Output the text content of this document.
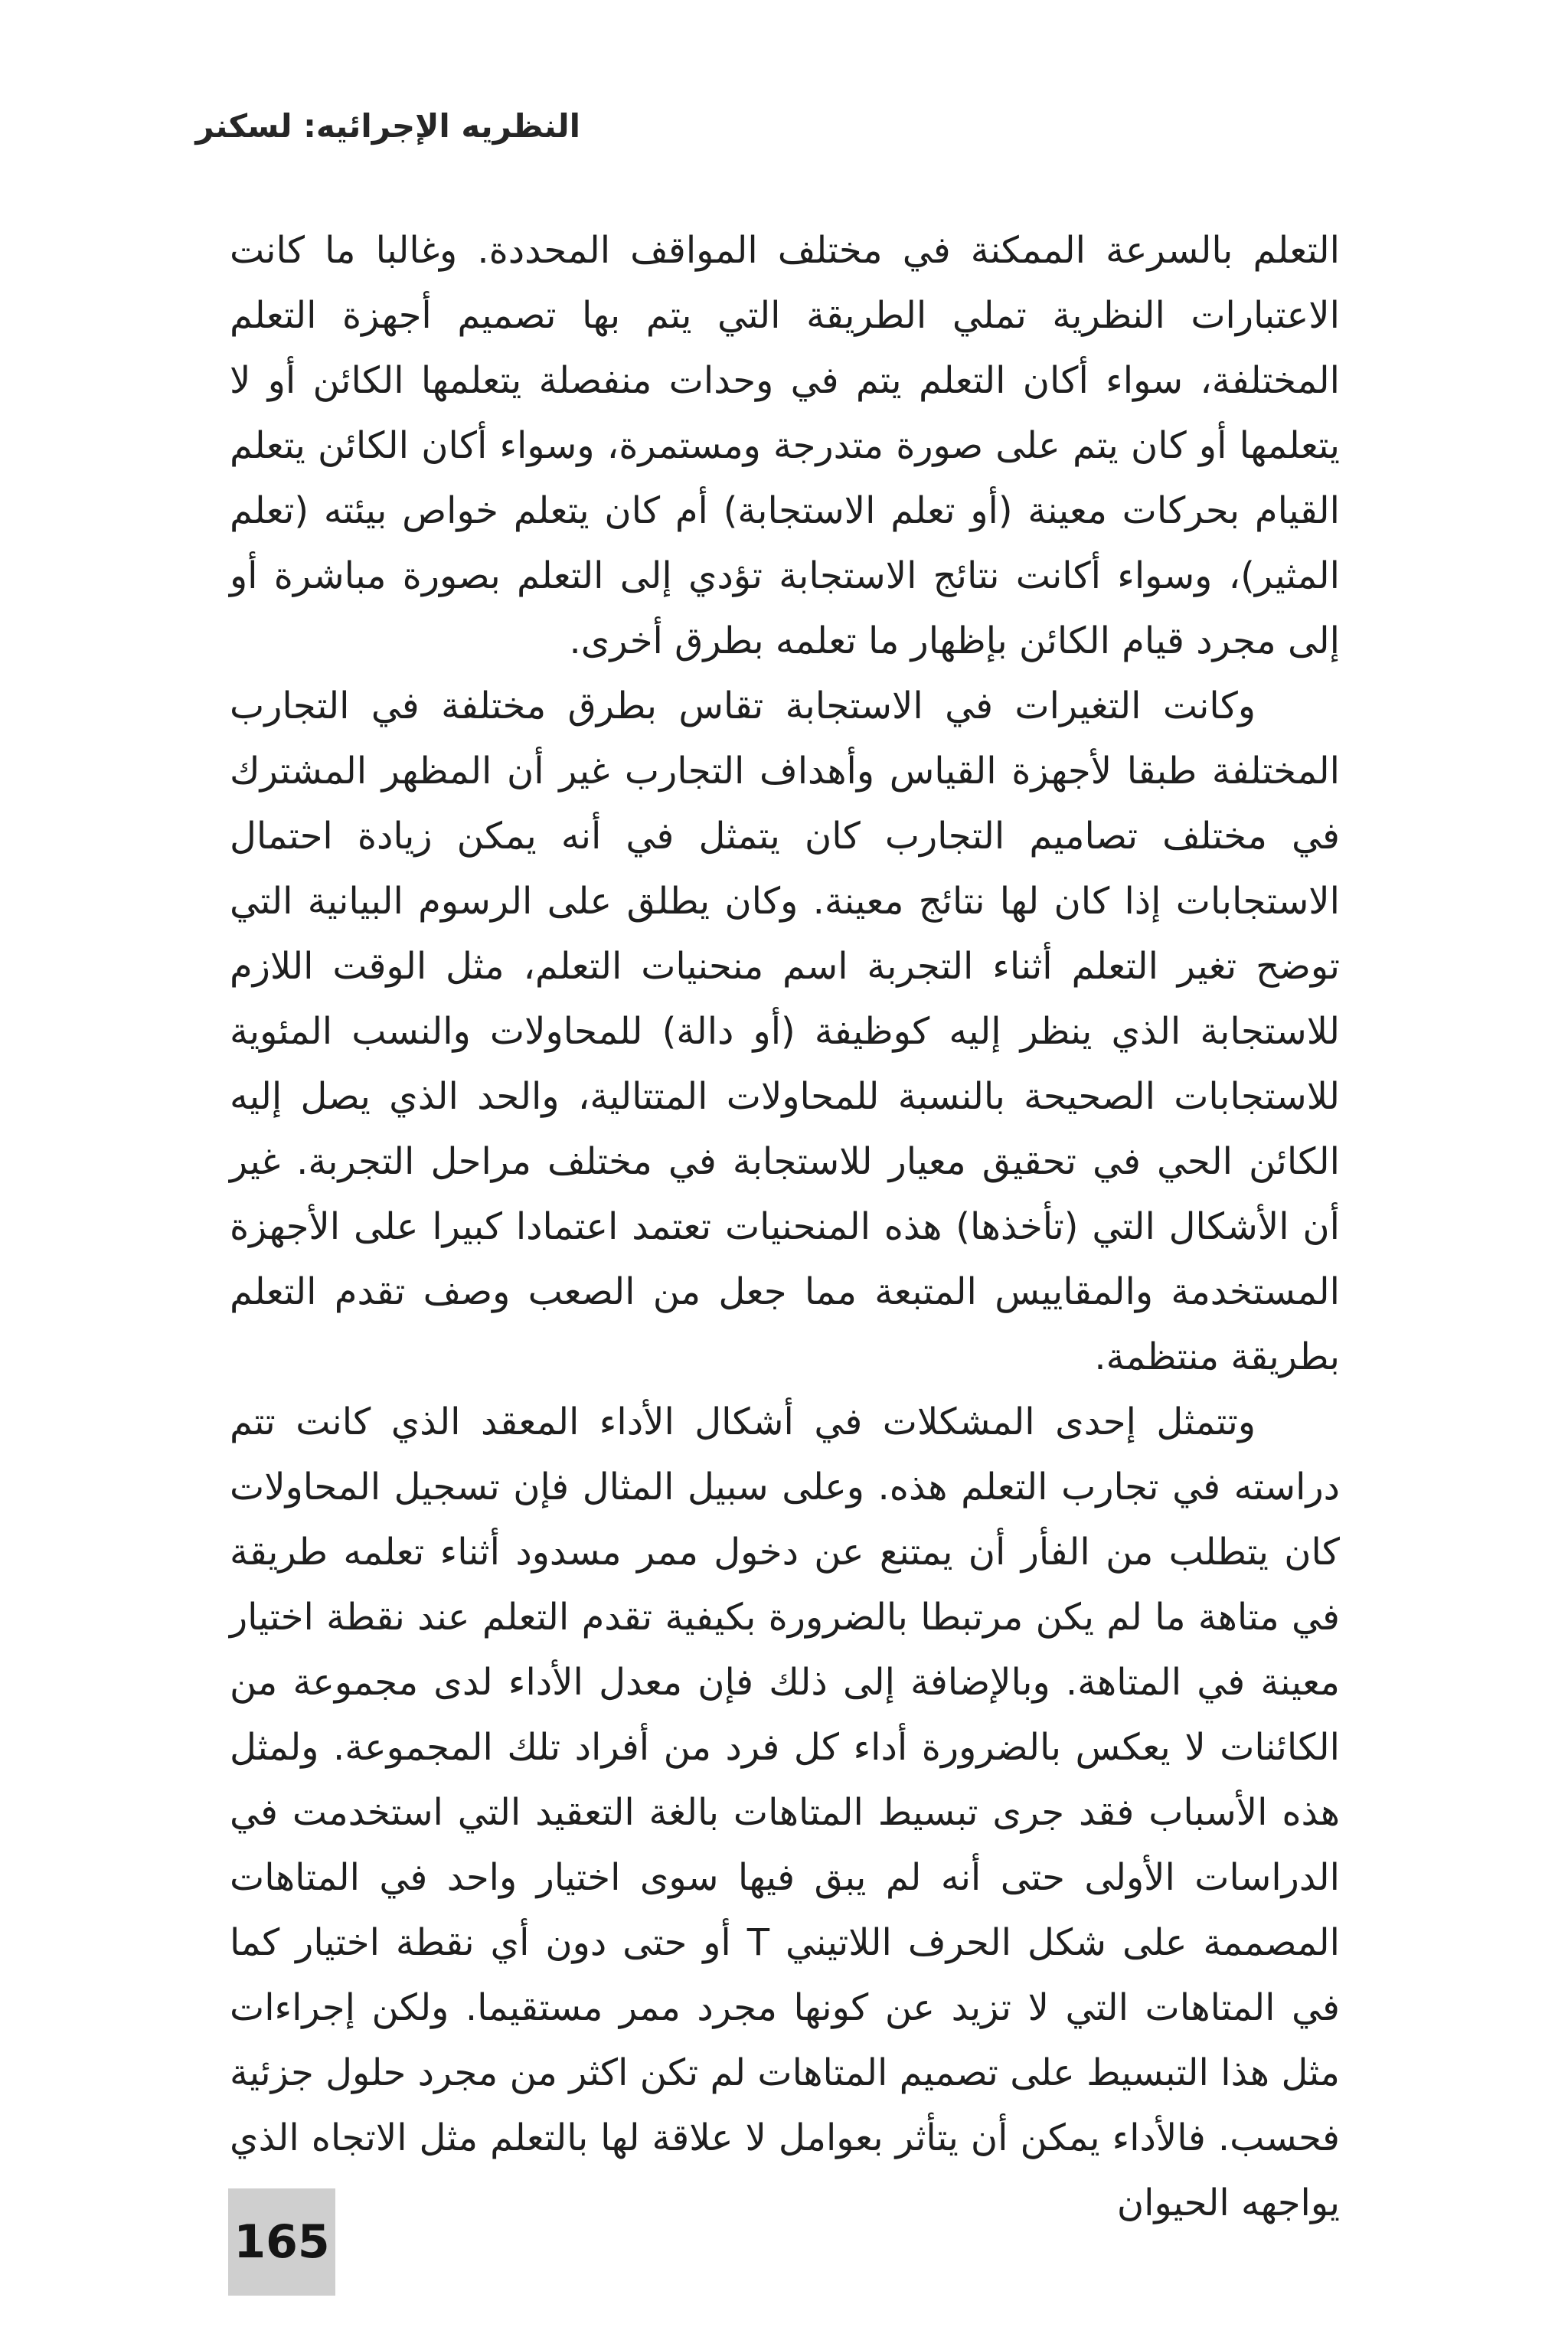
النظريه الإجرائيه: لسكنر

التعلم بالسرعة الممكنة في مختلف المواقف المحددة. وغالبا ما كانت الاعتبارات النظرية تملي الطريقة التي يتم بها تصميم أجهزة التعلم المختلفة، سواء أكان التعلم يتم في وحدات منفصلة يتعلمها الكائن أو لا يتعلمها أو كان يتم على صورة متدرجة ومستمرة، وسواء أكان الكائن يتعلم القيام بحركات معينة (أو تعلم الاستجابة) أم كان يتعلم خواص بيئته (تعلم المثير)، وسواء أكانت نتائج الاستجابة تؤدي إلى التعلم بصورة مباشرة أو إلى مجرد قيام الكائن بإظهار ما تعلمه بطرق أخرى.

وكانت التغيرات في الاستجابة تقاس بطرق مختلفة في التجارب المختلفة طبقا لأجهزة القياس وأهداف التجارب غير أن المظهر المشترك في مختلف تصاميم التجارب كان يتمثل في أنه يمكن زيادة احتمال الاستجابات إذا كان لها نتائج معينة. وكان يطلق على الرسوم البيانية التي توضح تغير التعلم أثناء التجربة اسم منحنيات التعلم، مثل الوقت اللازم للاستجابة الذي ينظر إليه كوظيفة (أو دالة) للمحاولات والنسب المئوية للاستجابات الصحيحة بالنسبة للمحاولات المتتالية، والحد الذي يصل إليه الكائن الحي في تحقيق معيار للاستجابة في مختلف مراحل التجربة. غير أن الأشكال التي (تأخذها) هذه المنحنيات تعتمد اعتمادا كبيرا على الأجهزة المستخدمة والمقاييس المتبعة مما جعل من الصعب وصف تقدم التعلم بطريقة منتظمة.

وتتمثل إحدى المشكلات في أشكال الأداء المعقد الذي كانت تتم دراسته في تجارب التعلم هذه. وعلى سبيل المثال فإن تسجيل المحاولات كان يتطلب من الفأر أن يمتنع عن دخول ممر مسدود أثناء تعلمه طريقة في متاهة ما لم يكن مرتبطا بالضرورة بكيفية تقدم التعلم عند نقطة اختيار معينة في المتاهة. وبالإضافة إلى ذلك فإن معدل الأداء لدى مجموعة من الكائنات لا يعكس بالضرورة أداء كل فرد من أفراد تلك المجموعة. ولمثل هذه الأسباب فقد جرى تبسيط المتاهات بالغة التعقيد التي استخدمت في الدراسات الأولى حتى أنه لم يبق فيها سوى اختيار واحد في المتاهات المصممة على شكل الحرف اللاتيني T أو حتى دون أي نقطة اختيار كما في المتاهات التي لا تزيد عن كونها مجرد ممر مستقيما. ولكن إجراءات مثل هذا التبسيط على تصميم المتاهات لم تكن اكثر من مجرد حلول جزئية فحسب. فالأداء يمكن أن يتأثر بعوامل لا علاقة لها بالتعلم مثل الاتجاه الذي يواجهه الحيوان

165
